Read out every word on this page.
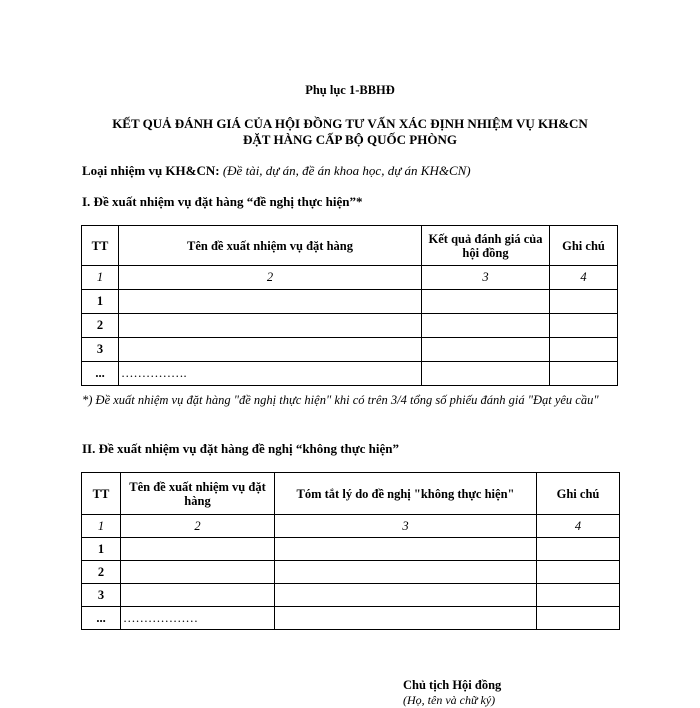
Phụ lục 1-BBHĐ
KẾT QUẢ ĐÁNH GIÁ CỦA HỘI ĐỒNG TƯ VẤN XÁC ĐỊNH NHIỆM VỤ KH&CN
ĐẶT HÀNG CẤP BỘ QUỐC PHÒNG
Loại nhiệm vụ KH&CN: (Đề tài, dự án, đề án khoa học, dự án KH&CN)
I. Đề xuất nhiệm vụ đặt hàng “đề nghị thực hiện”*
TT	Tên đề xuất nhiệm vụ đặt hàng	Kết quả đánh giá của hội đồng	Ghi chú
1	2	3	4
1			
2			
3			
...	…………….		
*) Đề xuất nhiệm vụ đặt hàng "đề nghị thực hiện" khi có trên 3/4 tổng số phiếu đánh giá "Đạt yêu cầu"
II. Đề xuất nhiệm vụ đặt hàng đề nghị “không thực hiện”
TT	Tên đề xuất nhiệm vụ đặt hàng	Tóm tắt lý do đề nghị "không thực hiện"	Ghi chú
1	2	3	4
1			
2			
3			
...	………………		
Chủ tịch Hội đồng
(Họ, tên và chữ ký)
